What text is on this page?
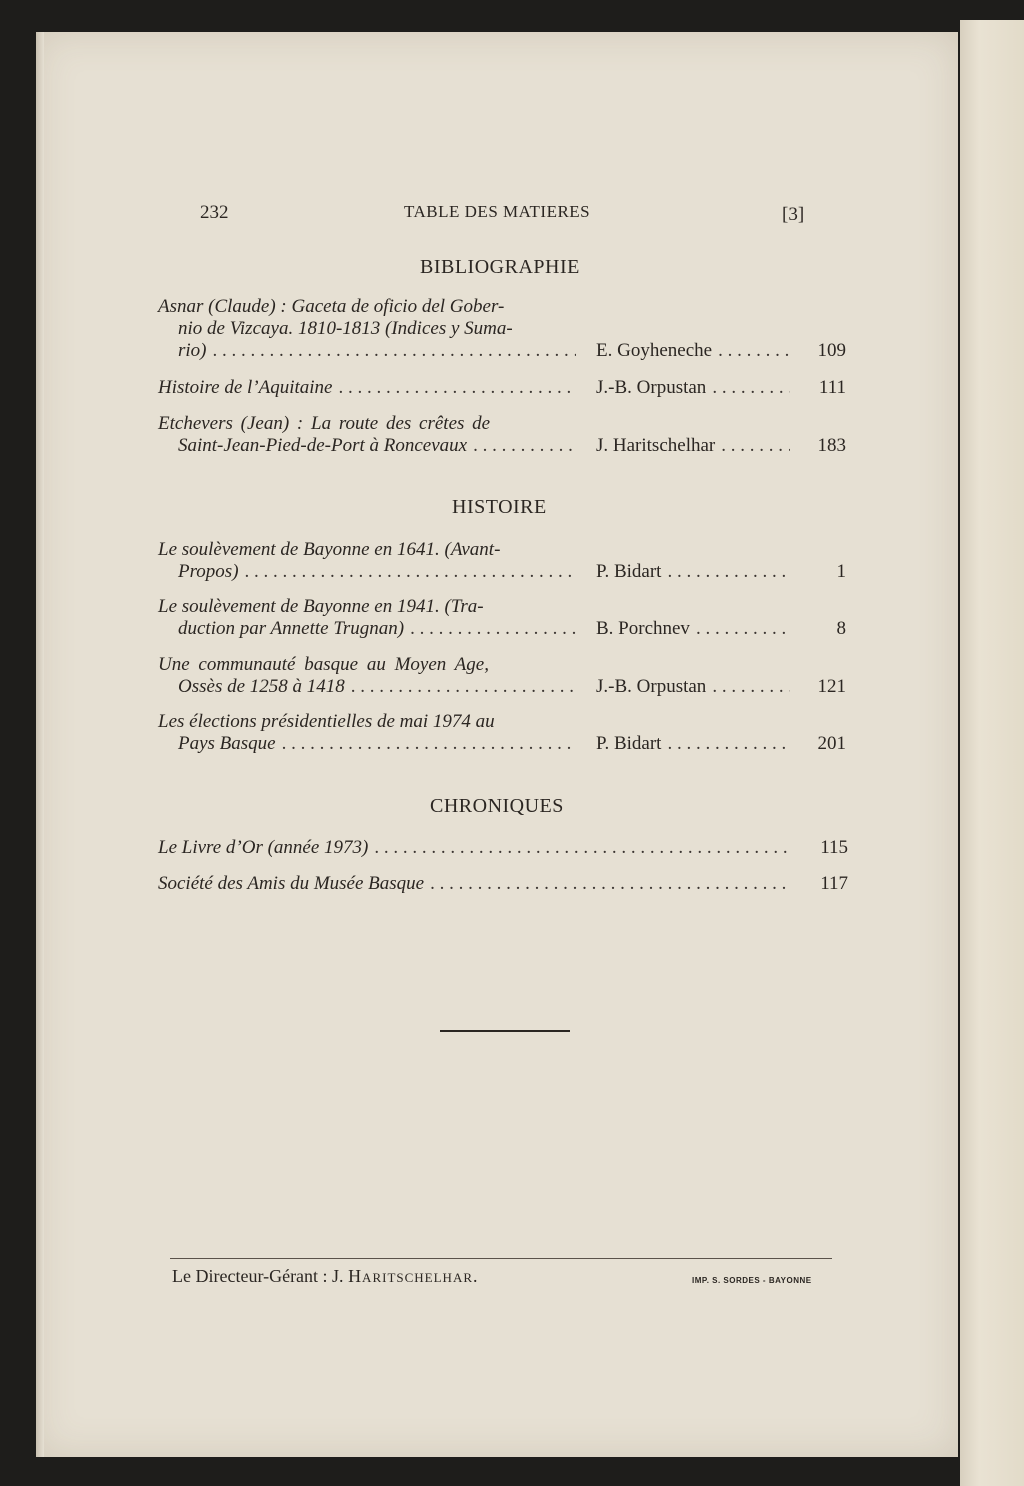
232	TABLE DES MATIERES	[3]
BIBLIOGRAPHIE
Asnar (Claude) : Gaceta de oficio del Gober-
nio de Vizcaya. 1810-1813 (Indices y Suma-
rio) . . .	E. Goyheneche . . .	109
Histoire de l’Aquitaine . . .	J.-B. Orpustan . . .	111
Etchevers (Jean) : La route des crêtes de
Saint-Jean-Pied-de-Port à Roncevaux . . .	J. Haritschelhar . . .	183
HISTOIRE
Le soulèvement de Bayonne en 1641. (Avant-
Propos) . . .	P. Bidart . . .	1
Le soulèvement de Bayonne en 1941. (Tra-
duction par Annette Trugnan) . . .	B. Porchnev . . .	8
Une communauté basque au Moyen Age,
Ossès de 1258 à 1418 . . .	J.-B. Orpustan . . .	121
Les élections présidentielles de mai 1974 au
Pays Basque . . .	P. Bidart . . .	201
CHRONIQUES
Le Livre d’Or (année 1973) . . .	115
Société des Amis du Musée Basque . . .	117
Le Directeur-Gérant : J. Haritschelhar.	IMP. S. SORDES - BAYONNE
